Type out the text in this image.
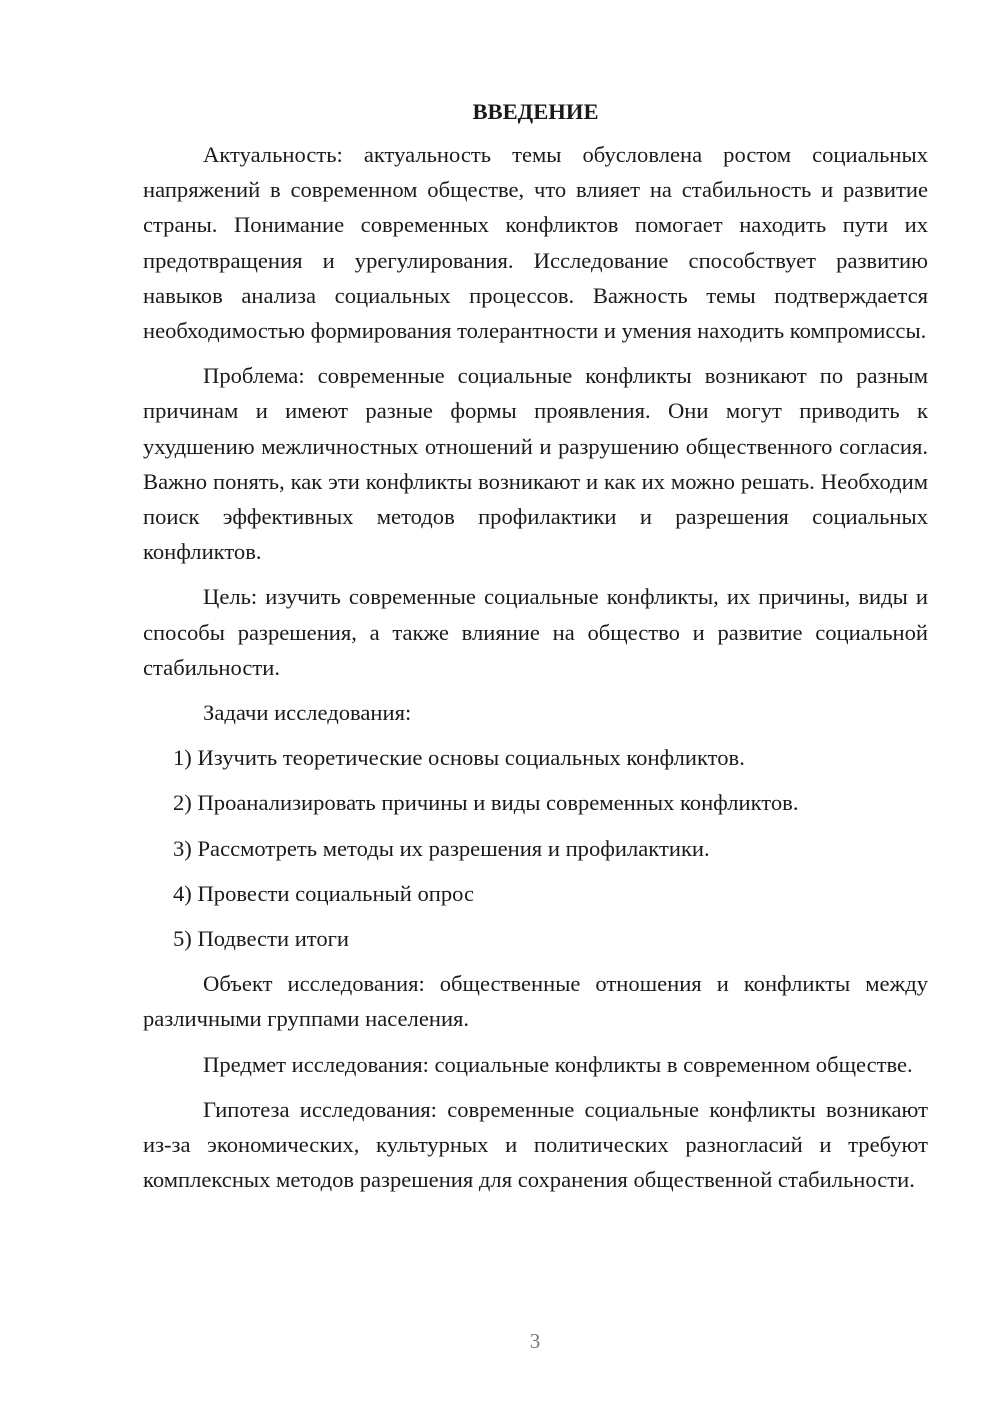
ВВЕДЕНИЕ

Актуальность: актуальность темы обусловлена ростом социальных напряжений в современном обществе, что влияет на стабильность и развитие страны. Понимание современных конфликтов помогает находить пути их предотвращения и урегулирования. Исследование способствует развитию навыков анализа социальных процессов. Важность темы подтверждается необходимостью формирования толерантности и умения находить компромиссы.

Проблема: современные социальные конфликты возникают по разным причинам и имеют разные формы проявления. Они могут приводить к ухудшению межличностных отношений и разрушению общественного согласия. Важно понять, как эти конфликты возникают и как их можно решать. Необходим поиск эффективных методов профилактики и разрешения социальных конфликтов.

Цель: изучить современные социальные конфликты, их причины, виды и способы разрешения, а также влияние на общество и развитие социальной стабильности.

Задачи исследования:

1) Изучить теоретические основы социальных конфликтов.
2) Проанализировать причины и виды современных конфликтов.
3) Рассмотреть методы их разрешения и профилактики.
4) Провести социальный опрос
5) Подвести итоги

Объект исследования: общественные отношения и конфликты между различными группами населения.

Предмет исследования: социальные конфликты в современном обществе.

Гипотеза исследования: современные социальные конфликты возникают из-за экономических, культурных и политических разногласий и требуют комплексных методов разрешения для сохранения общественной стабильности.

3
